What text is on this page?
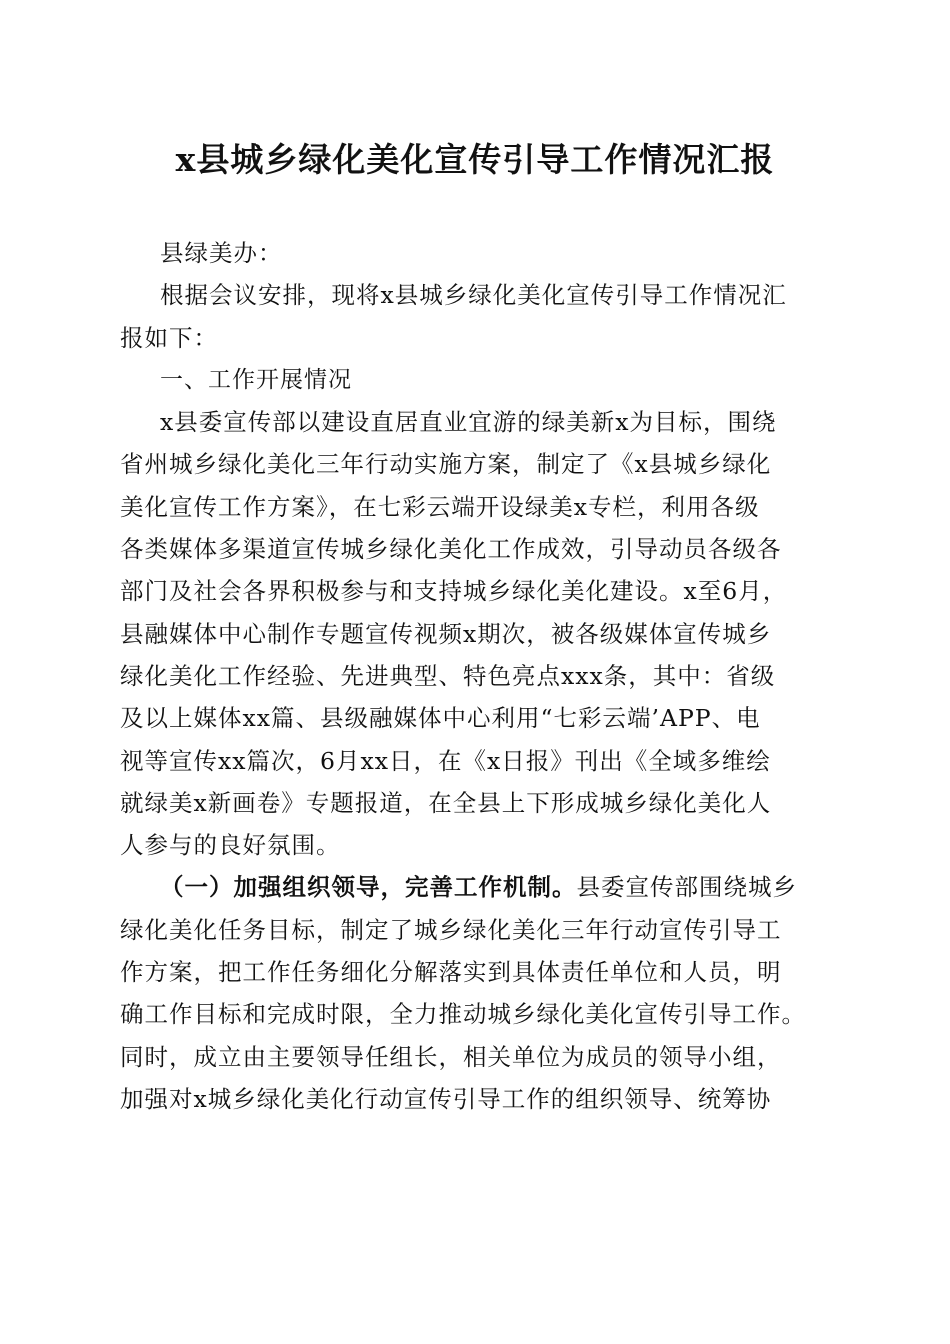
x县城乡绿化美化宣传引导工作情况汇报
县绿美办：
根据会议安排，现将x县城乡绿化美化宣传引导工作情况汇
报如下：
一、工作开展情况
x县委宣传部以建设直居直业宜游的绿美新x为目标，围绕
省州城乡绿化美化三年行动实施方案，制定了《x县城乡绿化
美化宣传工作方案》，在七彩云端开设绿美x专栏，利用各级
各类媒体多渠道宣传城乡绿化美化工作成效，引导动员各级各
部门及社会各界积极参与和支持城乡绿化美化建设。x至6月，
县融媒体中心制作专题宣传视频x期次，被各级媒体宣传城乡
绿化美化工作经验、先进典型、特色亮点xxx条，其中：省级
及以上媒体xx篇、县级融媒体中心利用“七彩云端’APP、电
视等宣传xx篇次，6月xx日，在《x日报》刊出《全域多维绘
就绿美x新画卷》专题报道，在全县上下形成城乡绿化美化人
人参与的良好氛围。
（一）加强组织领导，完善工作机制。县委宣传部围绕城乡
绿化美化任务目标，制定了城乡绿化美化三年行动宣传引导工
作方案，把工作任务细化分解落实到具体责任单位和人员，明
确工作目标和完成时限，全力推动城乡绿化美化宣传引导工作。
同时，成立由主要领导任组长，相关单位为成员的领导小组，
加强对x城乡绿化美化行动宣传引导工作的组织领导、统筹协
